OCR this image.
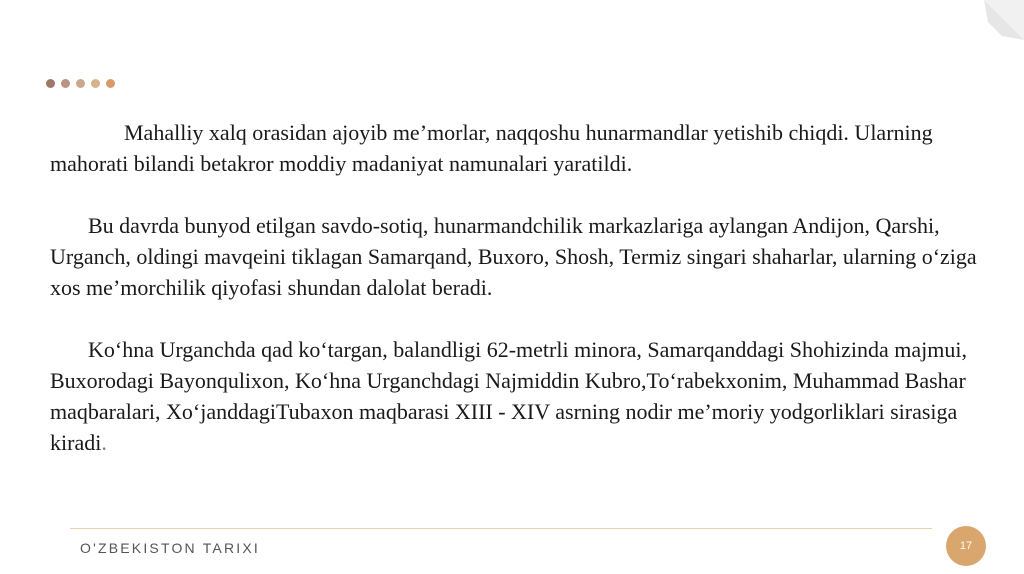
Mahalliy xalq orasidan ajoyib me’morlar, naqqoshu hunarmandlar yetishib chiqdi. Ularning mahorati bilandi betakror moddiy madaniyat namunalari yaratildi.

Bu davrda bunyod etilgan savdo-sotiq, hunarmandchilik markazlariga aylangan Andijon, Qarshi, Urganch, oldingi mavqeini tiklagan Samarqand, Buxoro, Shosh, Termiz singari shaharlar, ularning o‘ziga xos me’morchilik qiyofasi shundan dalolat beradi.

Ko‘hna Urganchda qad ko‘targan, balandligi 62-metrli minora, Samarqanddagi Shohizinda majmui, Buxorodagi Bayonqulixon, Ko‘hna Urganchdagi Najmiddin Kubro,To‘rabekxonim, Muhammad Bashar maqbaralari, Xo‘janddagiTubaxon maqbarasi XIII - XIV asrning nodir me’moriy yodgorliklari sirasiga kiradi.

O'ZBEKISTON TARIXI	17
